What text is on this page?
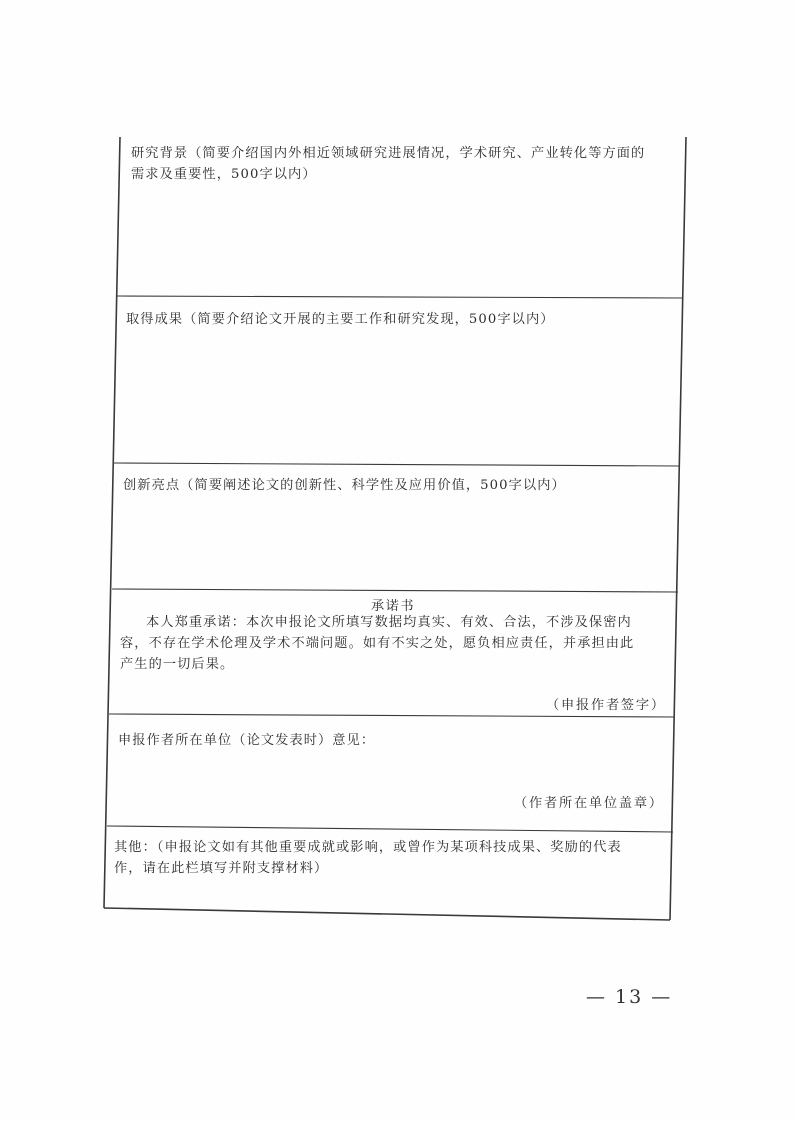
研究背景（简要介绍国内外相近领域研究进展情况，学术研究、产业转化等方面的
需求及重要性，500字以内）
取得成果（简要介绍论文开展的主要工作和研究发现，500字以内）
创新亮点（简要阐述论文的创新性、科学性及应用价值，500字以内）
承诺书
本人郑重承诺：本次申报论文所填写数据均真实、有效、合法，不涉及保密内
容，不存在学术伦理及学术不端问题。如有不实之处，愿负相应责任，并承担由此
产生的一切后果。
（申报作者签字）
申报作者所在单位（论文发表时）意见：
（作者所在单位盖章）
其他：（申报论文如有其他重要成就或影响，或曾作为某项科技成果、奖励的代表
作，请在此栏填写并附支撑材料）
— 13 —
